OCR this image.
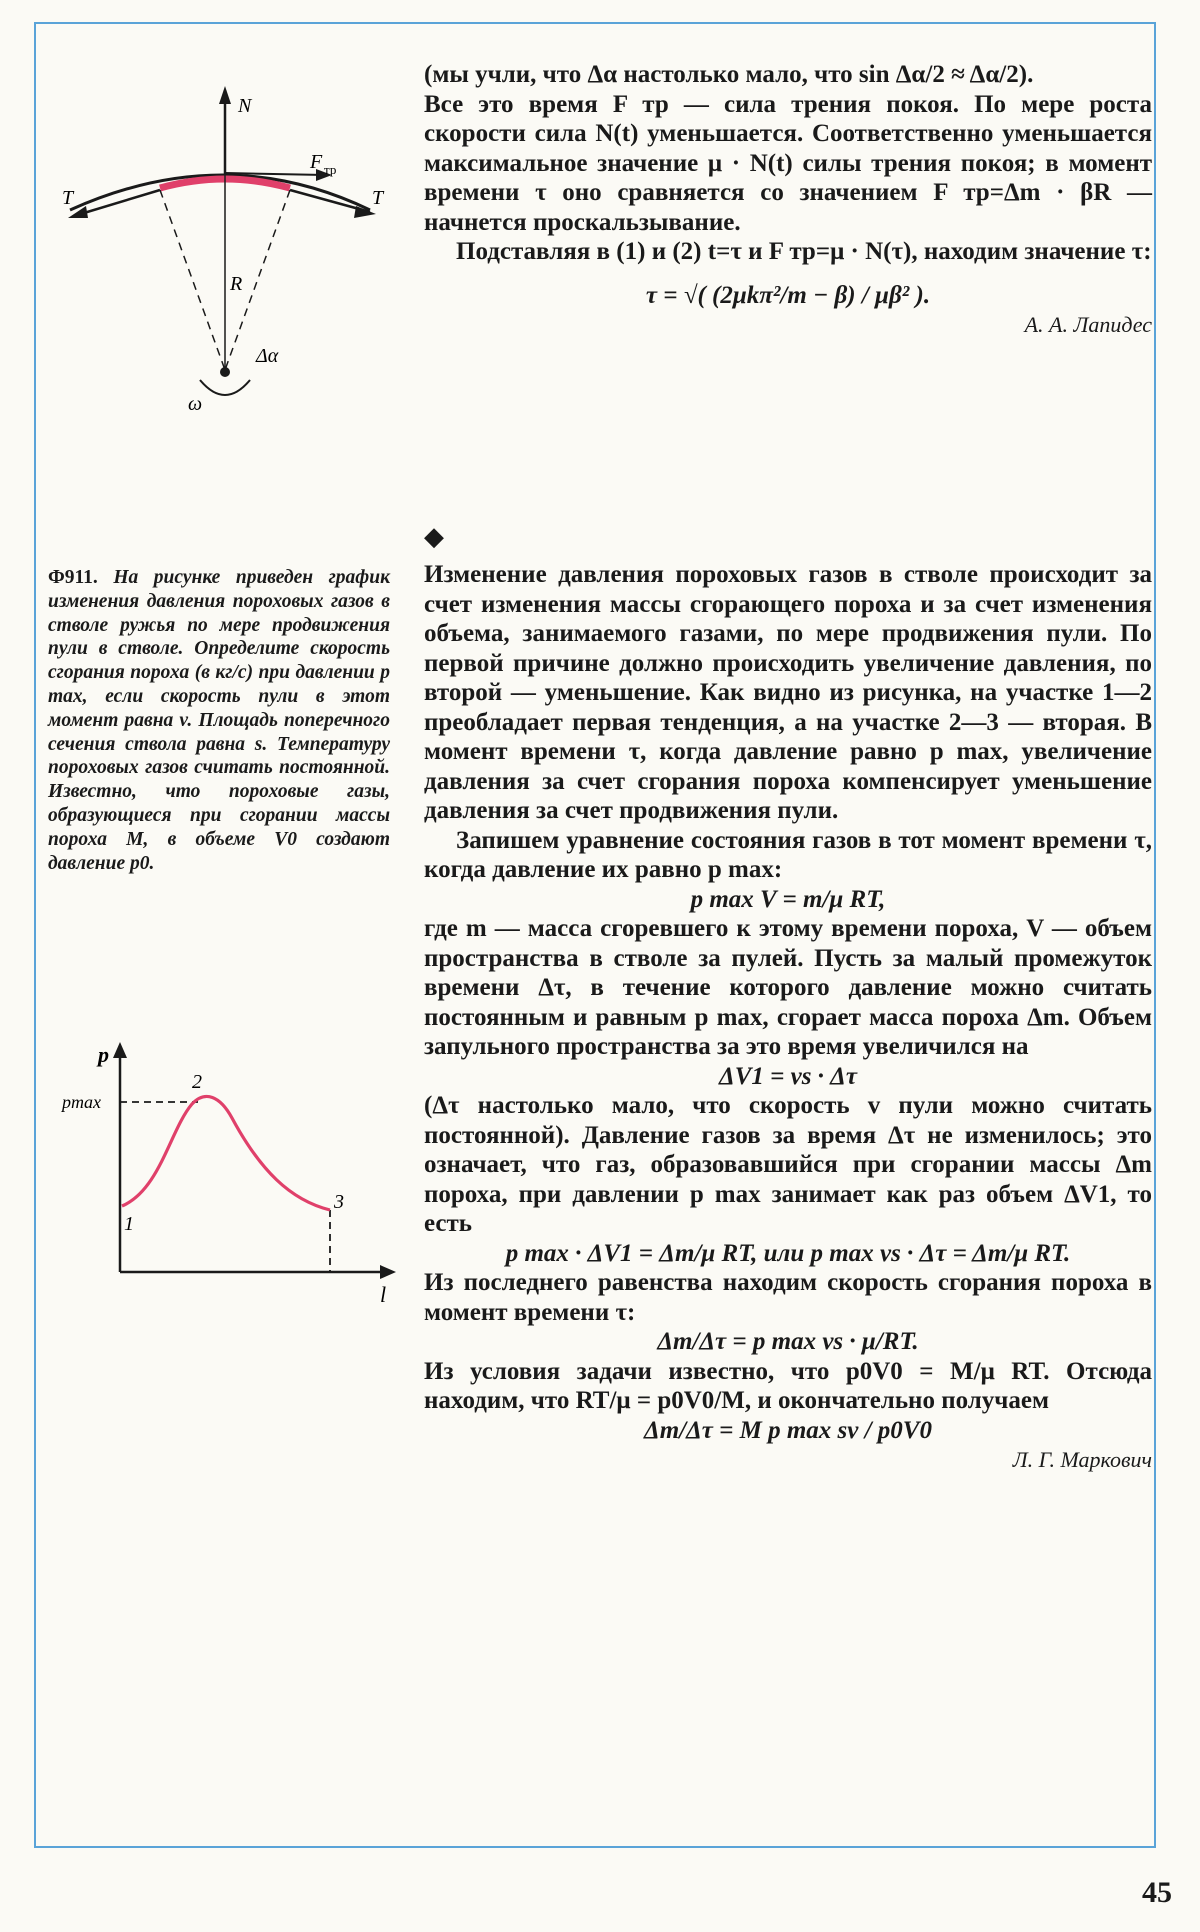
N
F тр
T	T
R
Δα
ω

(мы учли, что Δα настолько мало, что sin Δα/2 ≈ Δα/2).

Все это время F тр — сила трения покоя. По мере роста скорости сила N(t) уменьшается. Соответственно уменьшается максимальное значение μ · N(t) силы трения покоя; в момент времени τ оно сравняется со значением F тр=Δm · βR — начнется проскальзывание.

Подставляя в (1) и (2) t=τ и F тр=μ · N(τ), находим значение τ:

τ = √( (2μkπ²/m − β) / μβ² ).

А. А. Лапидес

◆
Ф911. На рисунке приведен график изменения давления пороховых газов в стволе ружья по мере продвижения пули в стволе. Определите скорость сгорания пороха (в кг/с) при давлении p max, если скорость пули в этот момент равна v. Площадь поперечного сечения ствола равна s. Температуру пороховых газов считать постоянной. Известно, что пороховые газы, образующиеся при сгорании массы пороха M, в объеме V0 создают давление p0.
p
l
pmax
1
2
3

Изменение давления пороховых газов в стволе происходит за счет изменения массы сгорающего пороха и за счет изменения объема, занимаемого газами, по мере продвижения пули. По первой причине должно происходить увеличение давления, по второй — уменьшение. Как видно из рисунка, на участке 1—2 преобладает первая тенденция, а на участке 2—3 — вторая. В момент времени τ, когда давление равно p max, увеличение давления за счет сгорания пороха компенсирует уменьшение давления за счет продвижения пули.

Запишем уравнение состояния газов в тот момент времени τ, когда давление их равно p max:

p max V = m/μ RT,

где m — масса сгоревшего к этому времени пороха, V — объем пространства в стволе за пулей. Пусть за малый промежуток времени Δτ, в течение которого давление можно считать постоянным и равным p max, сгорает масса пороха Δm. Объем запульного пространства за это время увеличился на

ΔV1 = vs · Δτ

(Δτ настолько мало, что скорость v пули можно считать постоянной). Давление газов за время Δτ не изменилось; это означает, что газ, образовавшийся при сгорании массы Δm пороха, при давлении p max занимает как раз объем ΔV1, то есть

p max · ΔV1 = Δm/μ RT, или p max vs · Δτ = Δm/μ RT.

Из последнего равенства находим скорость сгорания пороха в момент времени τ:

Δm/Δτ = p max vs · μ/RT.

Из условия задачи известно, что p0V0 = M/μ RT. Отсюда находим, что RT/μ = p0V0/M, и окончательно получаем

Δm/Δτ = M p max sv / p0V0

Л. Г. Маркович

45
